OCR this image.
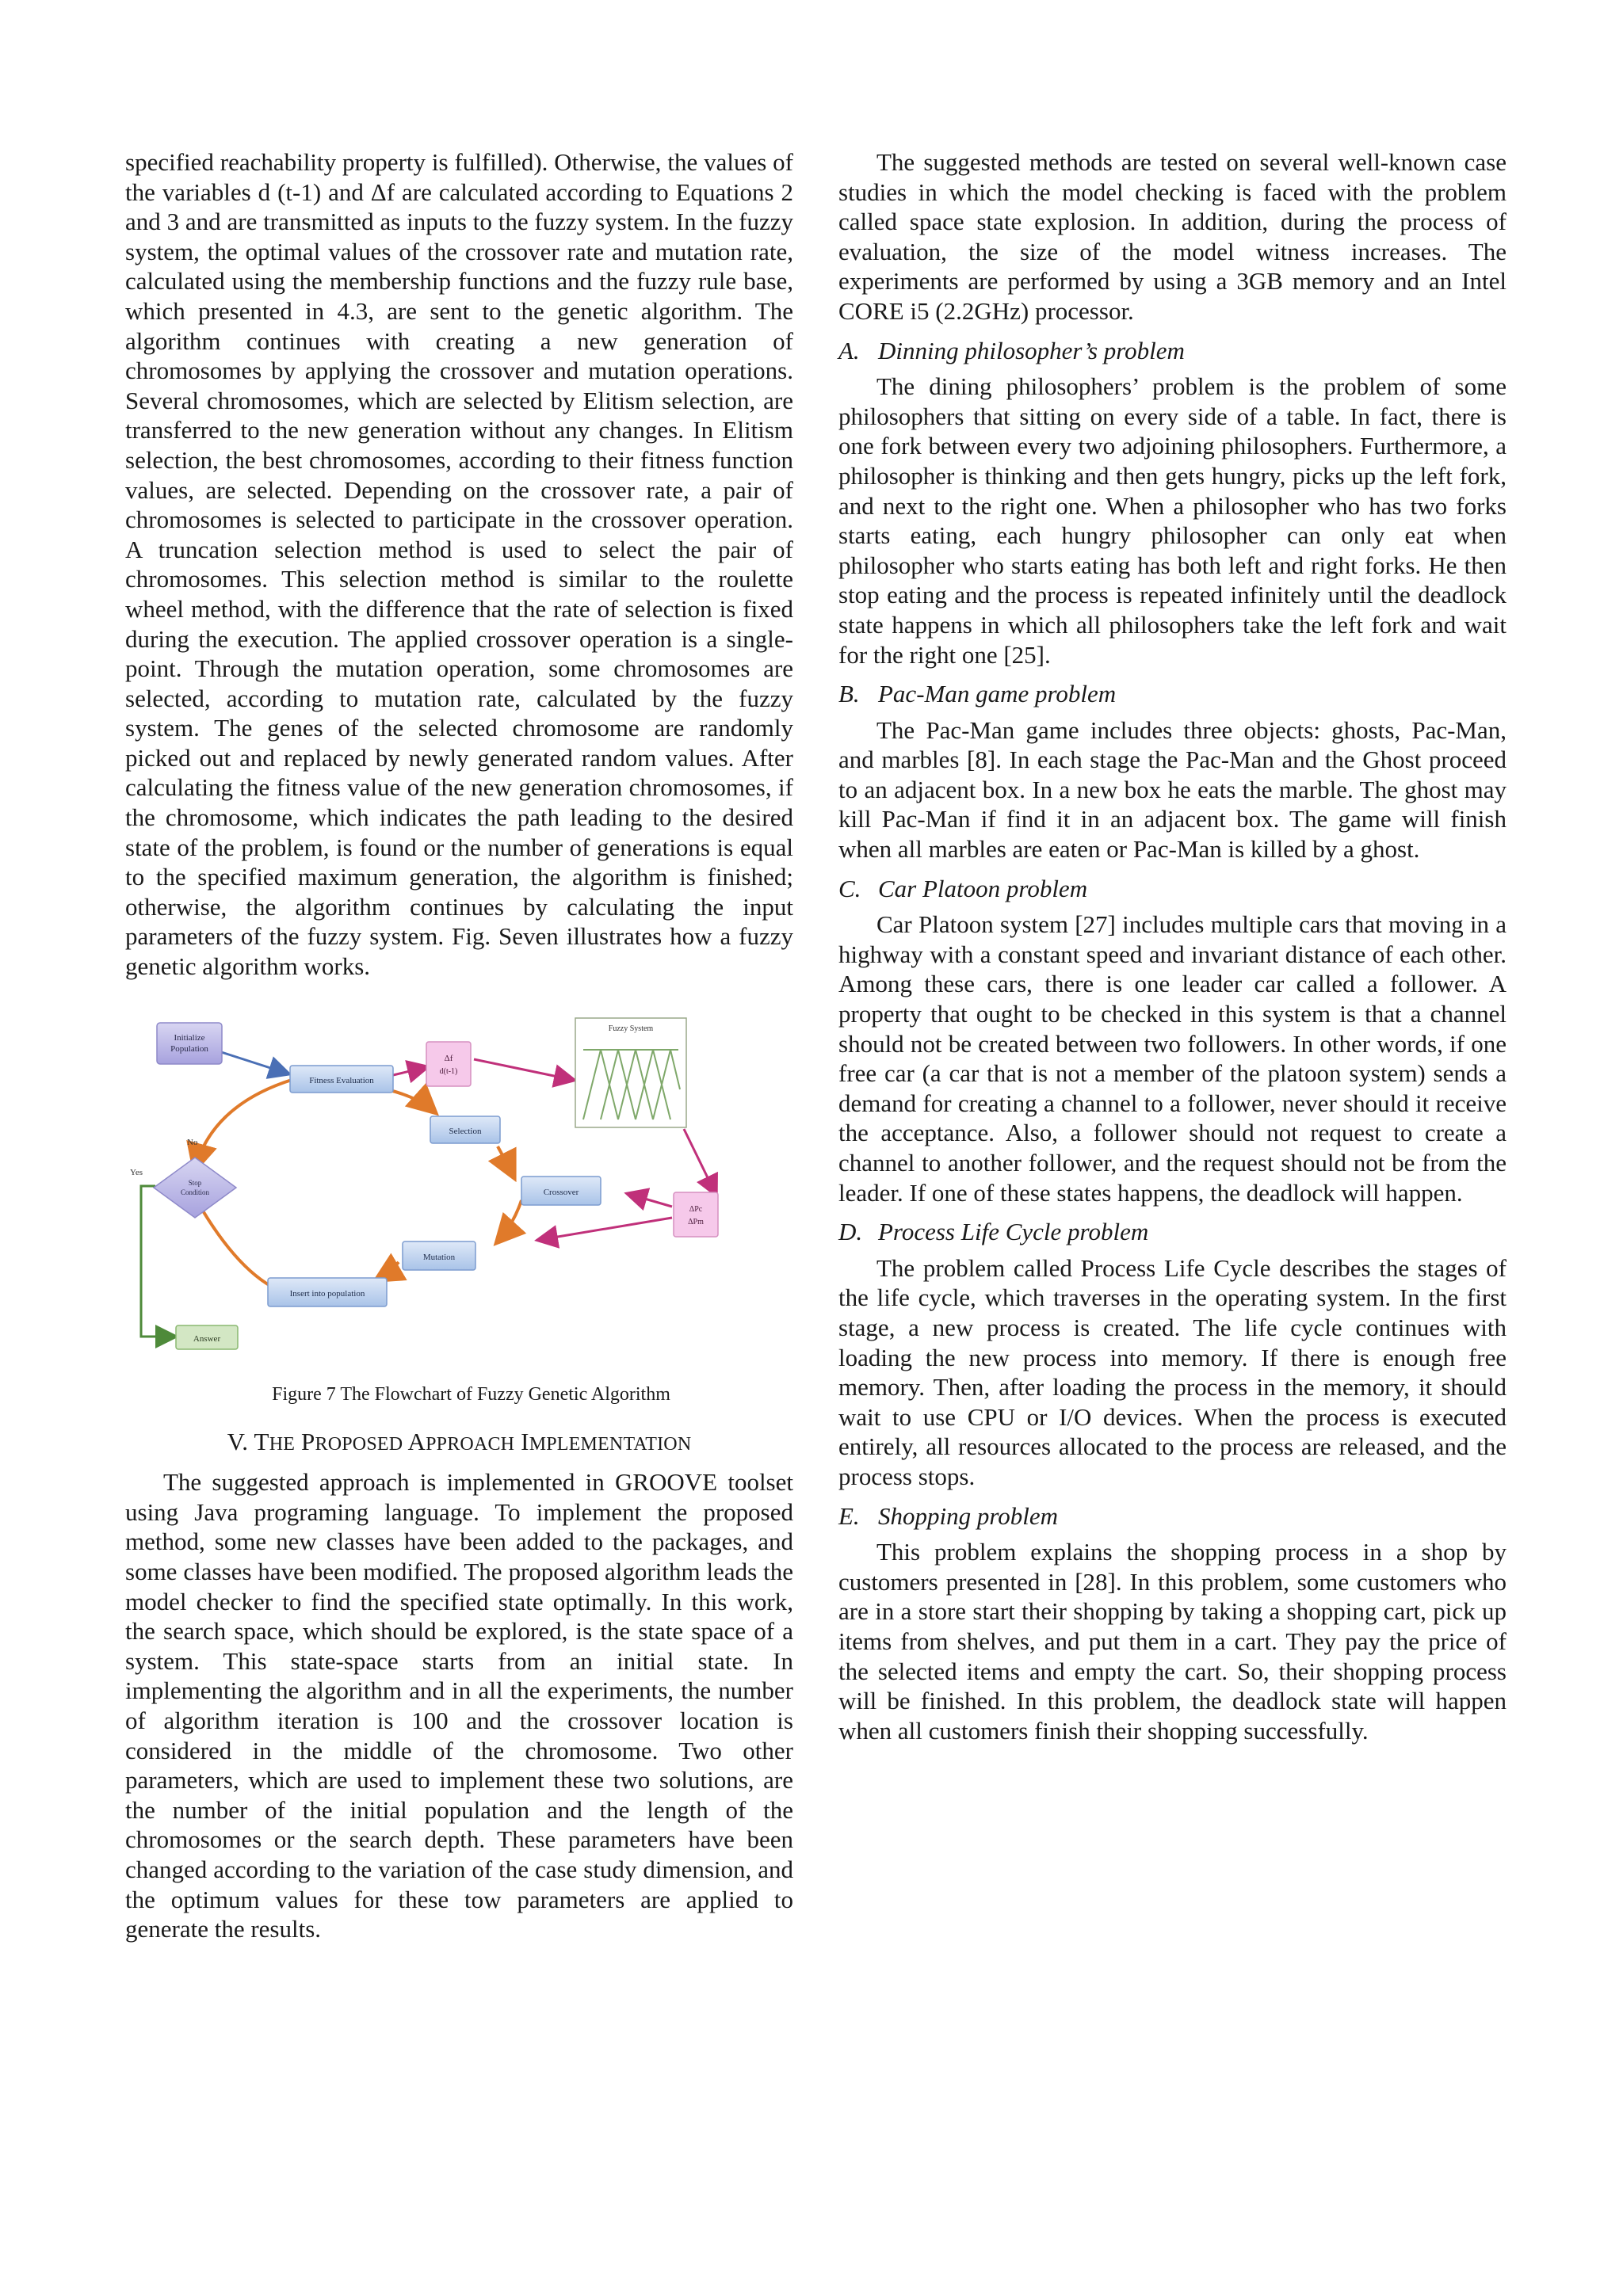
specified reachability property is fulfilled). Otherwise, the values of the variables d (t-1) and Δf are calculated according to Equations 2 and 3 and are transmitted as inputs to the fuzzy system. In the fuzzy system, the optimal values of the crossover rate and mutation rate, calculated using the membership functions and the fuzzy rule base, which presented in 4.3, are sent to the genetic algorithm. The algorithm continues with creating a new generation of chromosomes by applying the crossover and mutation operations. Several chromosomes, which are selected by Elitism selection, are transferred to the new generation without any changes. In Elitism selection, the best chromosomes, according to their fitness function values, are selected. Depending on the crossover rate, a pair of chromosomes is selected to participate in the crossover operation. A truncation selection method is used to select the pair of chromosomes. This selection method is similar to the roulette wheel method, with the difference that the rate of selection is fixed during the execution. The applied crossover operation is a single-point. Through the mutation operation, some chromosomes are selected, according to mutation rate, calculated by the fuzzy system. The genes of the selected chromosome are randomly picked out and replaced by newly generated random values. After calculating the fitness value of the new generation chromosomes, if the chromosome, which indicates the path leading to the desired state of the problem, is found or the number of generations is equal to the specified maximum generation, the algorithm is finished; otherwise, the algorithm continues by calculating the input parameters of the fuzzy system. Fig. Seven illustrates how a fuzzy genetic algorithm works.

Initialize
Population
Fitness Evaluation
Selection
Crossover
Mutation
Insert into population
Stop
Condition
Yes
No
Answer
Δf
d(t-1)
Fuzzy System
ΔPc
ΔPm

Figure 7 The Flowchart of Fuzzy Genetic Algorithm

V. THE PROPOSED APPROACH IMPLEMENTATION

The suggested approach is implemented in GROOVE toolset using Java programing language. To implement the proposed method, some new classes have been added to the packages, and some classes have been modified. The proposed algorithm leads the model checker to find the specified state optimally. In this work, the search space, which should be explored, is the state space of a system. This state-space starts from an initial state. In implementing the algorithm and in all the experiments, the number of algorithm iteration is 100 and the crossover location is considered in the middle of the chromosome. Two other parameters, which are used to implement these two solutions, are the number of the initial population and the length of the chromosomes or the search depth. These parameters have been changed according to the variation of the case study dimension, and the optimum values for these tow parameters are applied to generate the results.

The suggested methods are tested on several well-known case studies in which the model checking is faced with the problem called space state explosion. In addition, during the process of evaluation, the size of the model witness increases. The experiments are performed by using a 3GB memory and an Intel CORE i5 (2.2GHz) processor.

A. Dinning philosopher’s problem

The dining philosophers’ problem is the problem of some philosophers that sitting on every side of a table. In fact, there is one fork between every two adjoining philosophers. Furthermore, a philosopher is thinking and then gets hungry, picks up the left fork, and next to the right one. When a philosopher who has two forks starts eating, each hungry philosopher can only eat when philosopher who starts eating has both left and right forks. He then stop eating and the process is repeated infinitely until the deadlock state happens in which all philosophers take the left fork and wait for the right one [25].

B. Pac-Man game problem

The Pac-Man game includes three objects: ghosts, Pac-Man, and marbles [8]. In each stage the Pac-Man and the Ghost proceed to an adjacent box. In a new box he eats the marble. The ghost may kill Pac-Man if find it in an adjacent box. The game will finish when all marbles are eaten or Pac-Man is killed by a ghost.

C. Car Platoon problem

Car Platoon system [27] includes multiple cars that moving in a highway with a constant speed and invariant distance of each other. Among these cars, there is one leader car called a follower. A property that ought to be checked in this system is that a channel should not be created between two followers. In other words, if one free car (a car that is not a member of the platoon system) sends a demand for creating a channel to a follower, never should it receive the acceptance. Also, a follower should not request to create a channel to another follower, and the request should not be from the leader. If one of these states happens, the deadlock will happen.

D. Process Life Cycle problem

The problem called Process Life Cycle describes the stages of the life cycle, which traverses in the operating system. In the first stage, a new process is created. The life cycle continues with loading the new process into memory. If there is enough free memory. Then, after loading the process in the memory, it should wait to use CPU or I/O devices. When the process is executed entirely, all resources allocated to the process are released, and the process stops.

E. Shopping problem

This problem explains the shopping process in a shop by customers presented in [28]. In this problem, some customers who are in a store start their shopping by taking a shopping cart, pick up items from shelves, and put them in a cart. They pay the price of the selected items and empty the cart. So, their shopping process will be finished. In this problem, the deadlock state will happen when all customers finish their shopping successfully.
